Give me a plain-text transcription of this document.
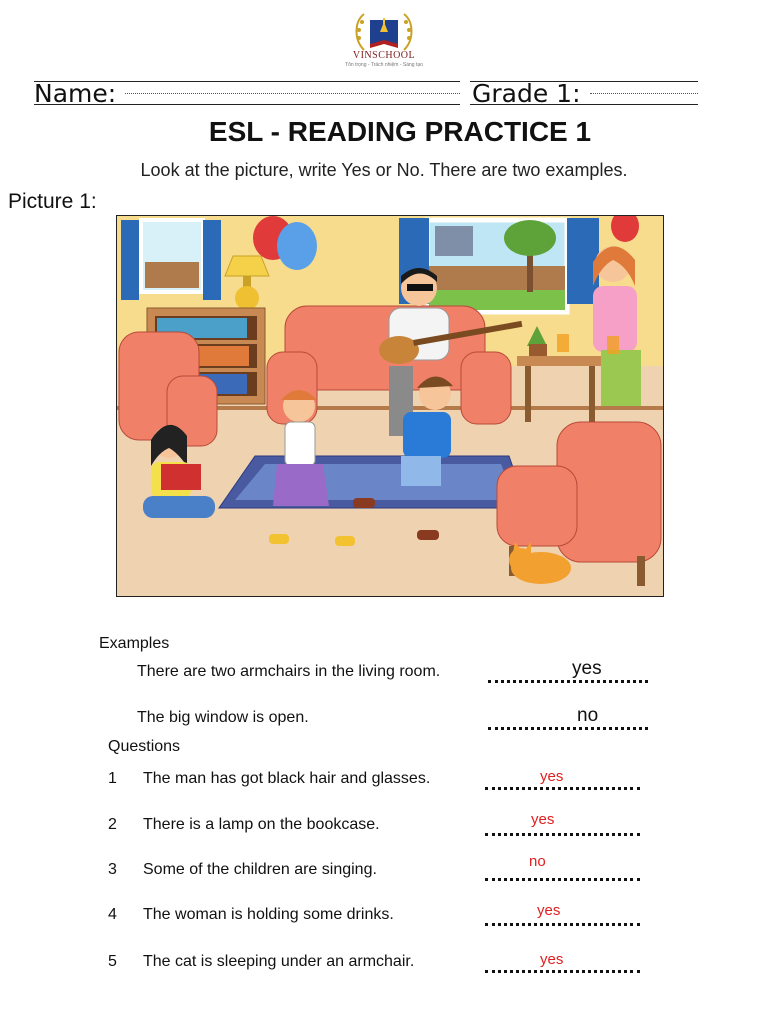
VINSCHOOL
Tôn trọng - Trách nhiệm - Sáng tạo
Name:	Grade 1:
ESL - READING PRACTICE 1
Look at the picture, write Yes or No. There are two examples.
Picture 1:
Examples
There are two armchairs in the living room.	yes
The big window is open.	no
Questions
1 The man has got black hair and glasses.	yes
2 There is a lamp on the bookcase.	yes
3 Some of the children are singing.	no
4 The woman is holding some drinks.	yes
5 The cat is sleeping under an armchair.	yes
